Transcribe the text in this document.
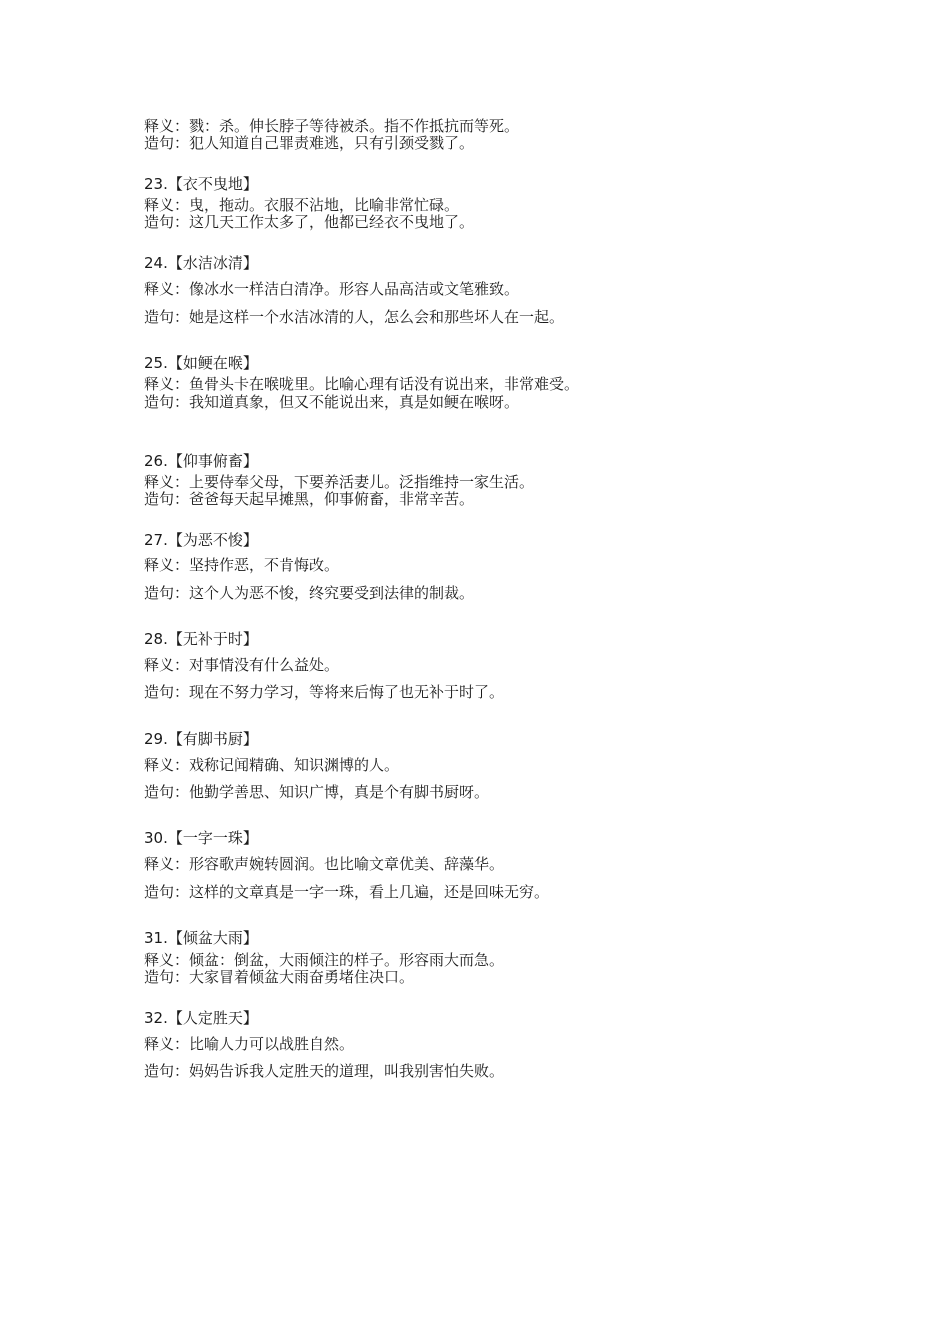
释义：戮：杀。伸长脖子等待被杀。指不作抵抗而等死。
造句：犯人知道自己罪责难逃，只有引颈受戮了。
23.【衣不曳地】
释义：曳，拖动。衣服不沾地，比喻非常忙碌。
造句：这几天工作太多了，他都已经衣不曳地了。
24.【水洁冰清】
释义：像冰水一样洁白清净。形容人品高洁或文笔雅致。
造句：她是这样一个水洁冰清的人，怎么会和那些坏人在一起。
25.【如鲠在喉】
释义：鱼骨头卡在喉咙里。比喻心理有话没有说出来，非常难受。
造句：我知道真象，但又不能说出来，真是如鲠在喉呀。
26.【仰事俯畜】
释义：上要侍奉父母，下要养活妻儿。泛指维持一家生活。
造句：爸爸每天起早摊黑，仰事俯畜，非常辛苦。
27.【为恶不悛】
释义：坚持作恶，不肯悔改。
造句：这个人为恶不悛，终究要受到法律的制裁。
28.【无补于时】
释义：对事情没有什么益处。
造句：现在不努力学习，等将来后悔了也无补于时了。
29.【有脚书厨】
释义：戏称记闻精确、知识渊博的人。
造句：他勤学善思、知识广博，真是个有脚书厨呀。
30.【一字一珠】
释义：形容歌声婉转圆润。也比喻文章优美、辞藻华。
造句：这样的文章真是一字一珠，看上几遍，还是回味无穷。
31.【倾盆大雨】
释义：倾盆：倒盆，大雨倾注的样子。形容雨大而急。
造句：大家冒着倾盆大雨奋勇堵住决口。
32.【人定胜天】
释义：比喻人力可以战胜自然。
造句：妈妈告诉我人定胜天的道理，叫我别害怕失败。
